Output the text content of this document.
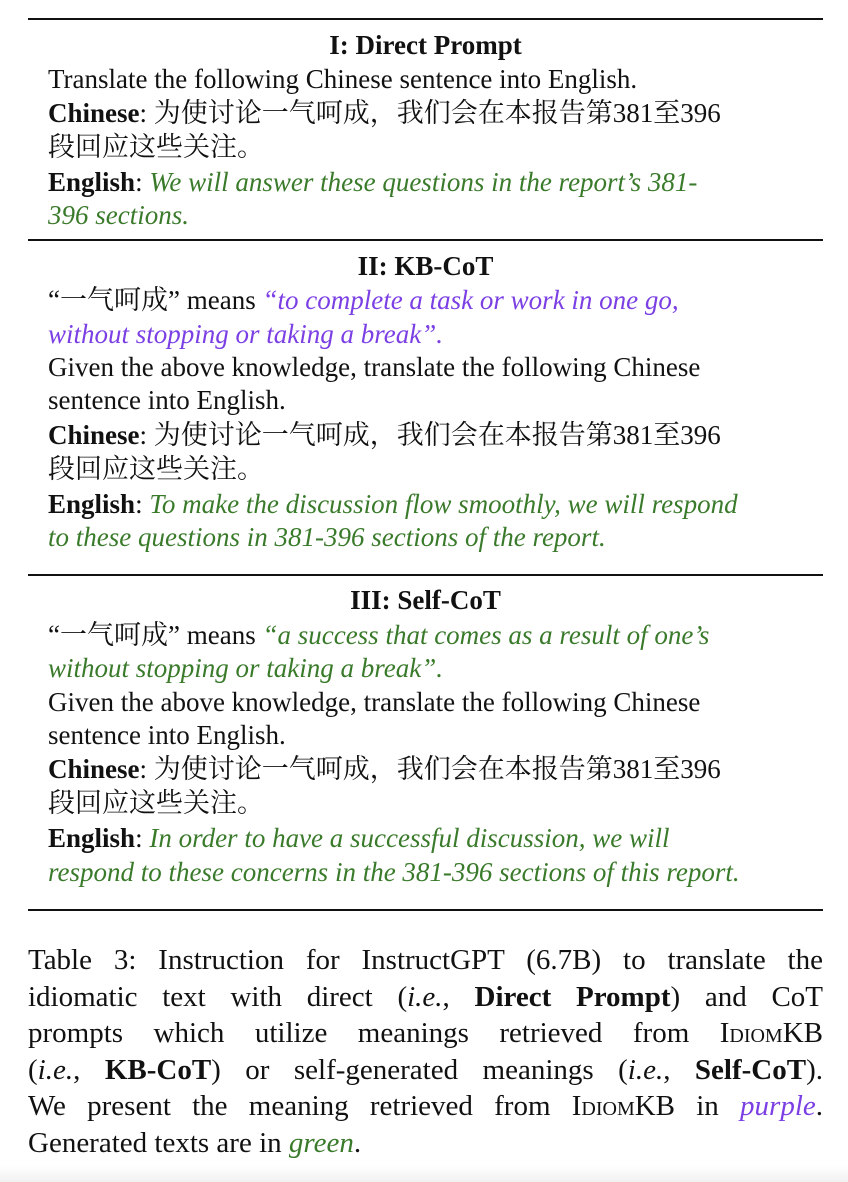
I: Direct Prompt
Translate the following Chinese sentence into English.
Chinese: 为使讨论一气呵成，我们会在本报告第381至396
段回应这些关注。
English: We will answer these questions in the report’s 381-
396 sections.
II: KB-CoT
“一气呵成” means “to complete a task or work in one go,
without stopping or taking a break”.
Given the above knowledge, translate the following Chinese
sentence into English.
Chinese: 为使讨论一气呵成，我们会在本报告第381至396
段回应这些关注。
English: To make the discussion flow smoothly, we will respond
to these questions in 381-396 sections of the report.
III: Self-CoT
“一气呵成” means “a success that comes as a result of one’s
without stopping or taking a break”.
Given the above knowledge, translate the following Chinese
sentence into English.
Chinese: 为使讨论一气呵成，我们会在本报告第381至396
段回应这些关注。
English: In order to have a successful discussion, we will
respond to these concerns in the 381-396 sections of this report.
Table 3: Instruction for InstructGPT (6.7B) to translate the
idiomatic text with direct (i.e., Direct Prompt) and CoT
prompts which utilize meanings retrieved from IdiomKB
(i.e., KB-CoT) or self-generated meanings (i.e., Self-CoT).
We present the meaning retrieved from IdiomKB in purple.
Generated texts are in green.
